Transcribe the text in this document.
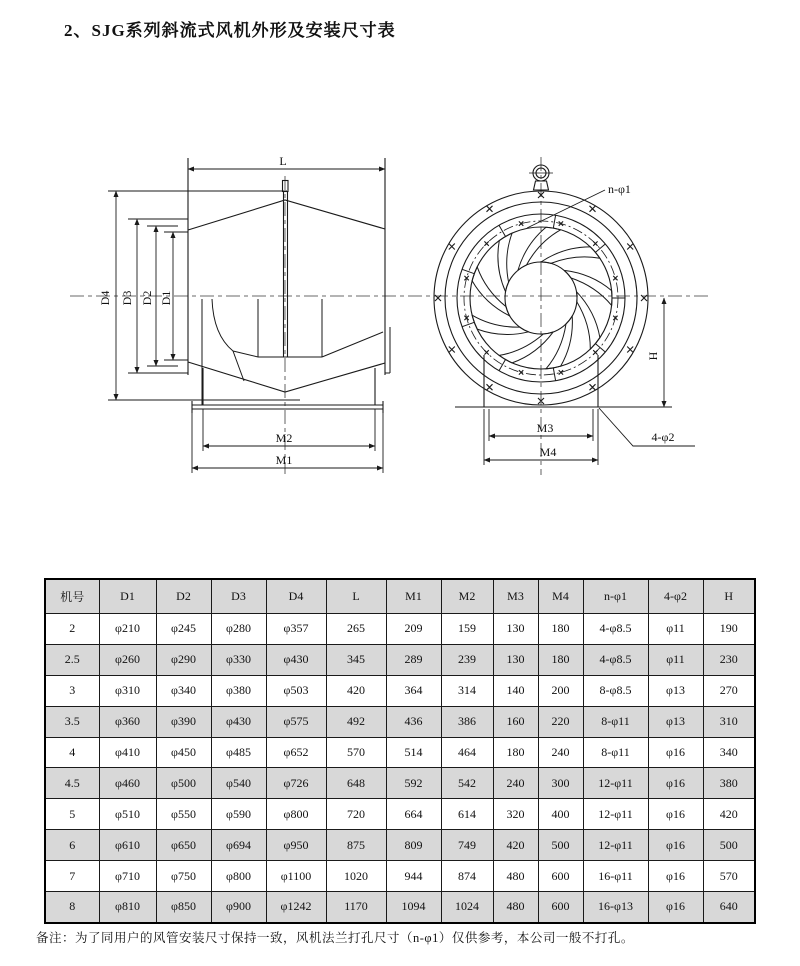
2、SJG系列斜流式风机外形及安装尺寸表
L
D4 D3 D2 D1
M2
M1
n-φ1
M3
M4
H
4-φ2
机号	D1	D2	D3	D4	L	M1	M2	M3	M4	n-φ1	4-φ2	H
2	φ210	φ245	φ280	φ357	265	209	159	130	180	4-φ8.5	φ11	190
2.5	φ260	φ290	φ330	φ430	345	289	239	130	180	4-φ8.5	φ11	230
3	φ310	φ340	φ380	φ503	420	364	314	140	200	8-φ8.5	φ13	270
3.5	φ360	φ390	φ430	φ575	492	436	386	160	220	8-φ11	φ13	310
4	φ410	φ450	φ485	φ652	570	514	464	180	240	8-φ11	φ16	340
4.5	φ460	φ500	φ540	φ726	648	592	542	240	300	12-φ11	φ16	380
5	φ510	φ550	φ590	φ800	720	664	614	320	400	12-φ11	φ16	420
6	φ610	φ650	φ694	φ950	875	809	749	420	500	12-φ11	φ16	500
7	φ710	φ750	φ800	φ1100	1020	944	874	480	600	16-φ11	φ16	570
8	φ810	φ850	φ900	φ1242	1170	1094	1024	480	600	16-φ13	φ16	640
备注：为了同用户的风管安装尺寸保持一致，风机法兰打孔尺寸（n-φ1）仅供参考，本公司一般不打孔。
